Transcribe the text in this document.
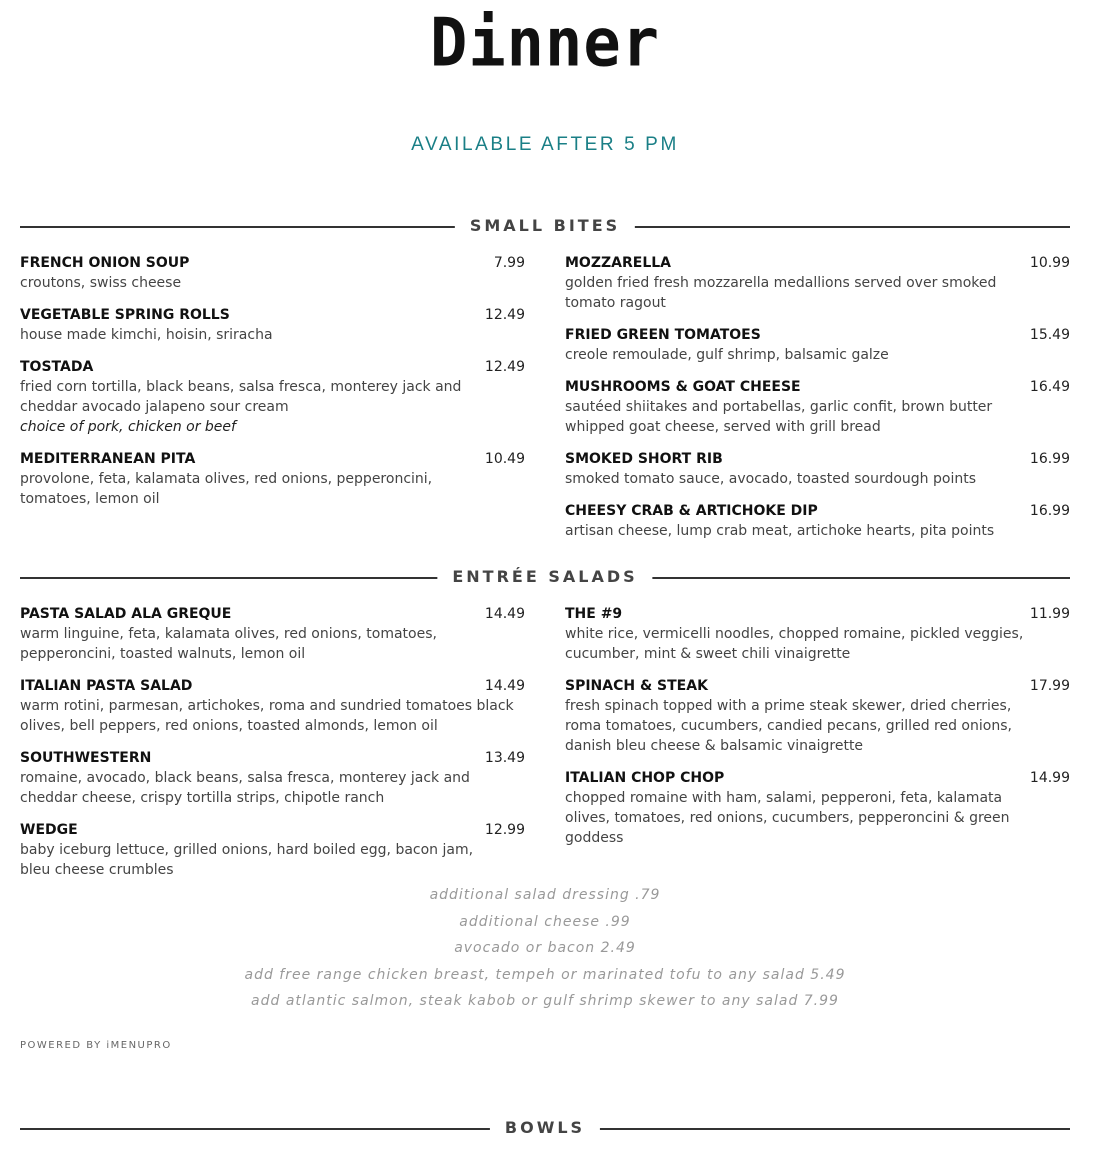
Dinner
AVAILABLE AFTER 5 PM
SMALL BITES
FRENCH ONION SOUP	7.99
croutons, swiss cheese
VEGETABLE SPRING ROLLS	12.49
house made kimchi, hoisin, sriracha
TOSTADA	12.49
fried corn tortilla, black beans, salsa fresca, monterey jack and cheddar avocado jalapeno sour cream
choice of pork, chicken or beef
MEDITERRANEAN PITA	10.49
provolone, feta, kalamata olives, red onions, pepperoncini, tomatoes, lemon oil
MOZZARELLA	10.99
golden fried fresh mozzarella medallions served over smoked tomato ragout
FRIED GREEN TOMATOES	15.49
creole remoulade, gulf shrimp, balsamic galze
MUSHROOMS & GOAT CHEESE	16.49
sautéed shiitakes and portabellas, garlic confit, brown butter whipped goat cheese, served with grill bread
SMOKED SHORT RIB	16.99
smoked tomato sauce, avocado, toasted sourdough points
CHEESY CRAB & ARTICHOKE DIP	16.99
artisan cheese, lump crab meat, artichoke hearts, pita points
ENTRÉE SALADS
PASTA SALAD ALA GREQUE	14.49
warm linguine, feta, kalamata olives, red onions, tomatoes, pepperoncini, toasted walnuts, lemon oil
ITALIAN PASTA SALAD	14.49
warm rotini, parmesan, artichokes, roma and sundried tomatoes black olives, bell peppers, red onions, toasted almonds, lemon oil
SOUTHWESTERN	13.49
romaine, avocado, black beans, salsa fresca, monterey jack and cheddar cheese, crispy tortilla strips, chipotle ranch
WEDGE	12.99
baby iceburg lettuce, grilled onions, hard boiled egg, bacon jam, bleu cheese crumbles
THE #9	11.99
white rice, vermicelli noodles, chopped romaine, pickled veggies, cucumber, mint & sweet chili vinaigrette
SPINACH & STEAK	17.99
fresh spinach topped with a prime steak skewer, dried cherries, roma tomatoes, cucumbers, candied pecans, grilled red onions, danish bleu cheese & balsamic vinaigrette
ITALIAN CHOP CHOP	14.99
chopped romaine with ham, salami, pepperoni, feta, kalamata olives, tomatoes, red onions, cucumbers, pepperoncini & green goddess
additional salad dressing .79
additional cheese .99
avocado or bacon 2.49
add free range chicken breast, tempeh or marinated tofu to any salad 5.49
add atlantic salmon, steak kabob or gulf shrimp skewer to any salad 7.99
POWERED BY iMENUPRO
BOWLS
